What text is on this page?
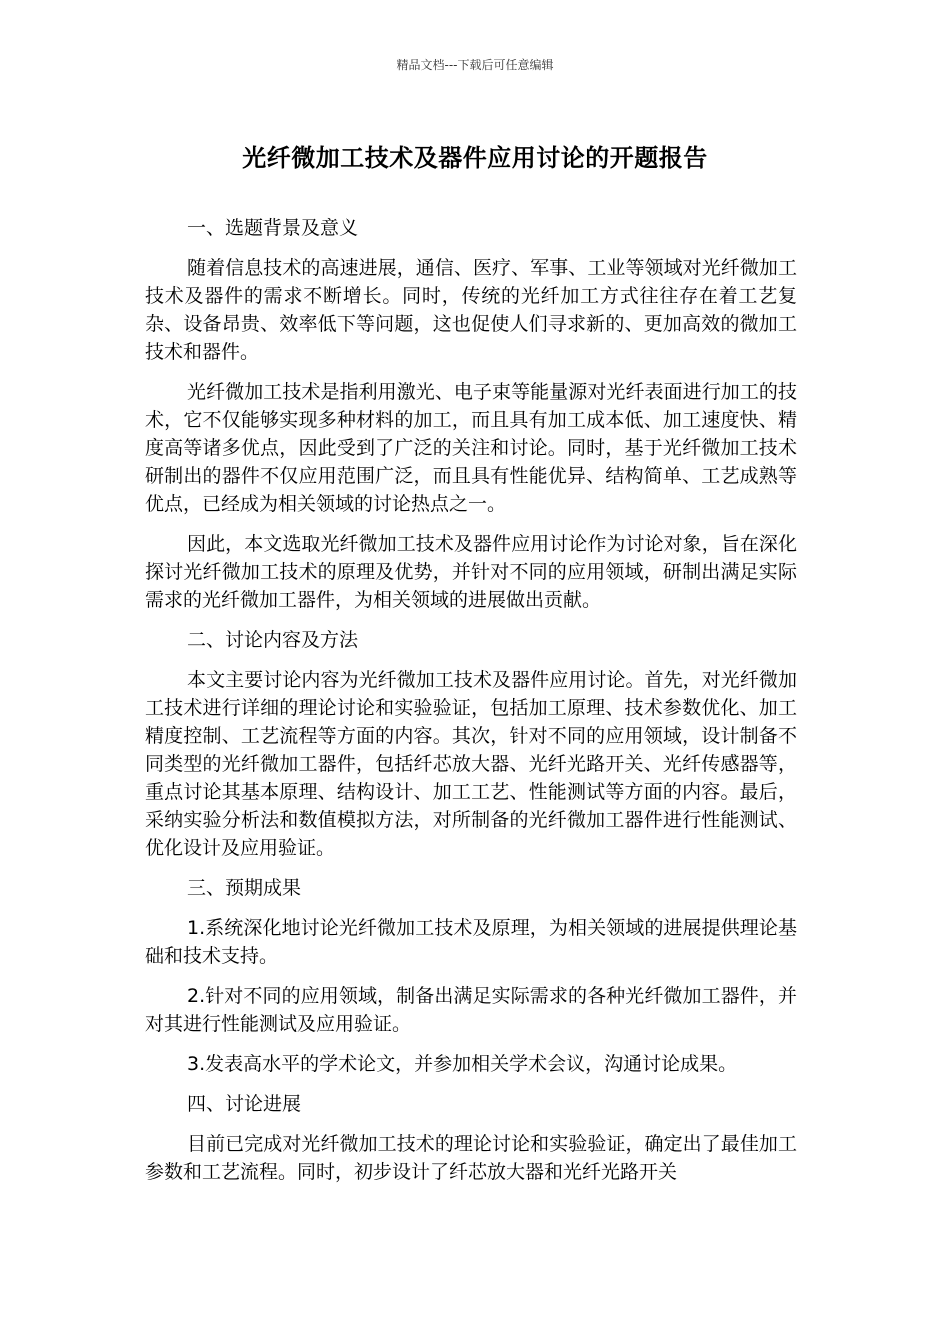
精品文档---下载后可任意编辑
光纤微加工技术及器件应用讨论的开题报告
一、选题背景及意义
随着信息技术的高速进展，通信、医疗、军事、工业等领域对光纤微加工技术及器件的需求不断增长。同时，传统的光纤加工方式往往存在着工艺复杂、设备昂贵、效率低下等问题，这也促使人们寻求新的、更加高效的微加工技术和器件。
光纤微加工技术是指利用激光、电子束等能量源对光纤表面进行加工的技术，它不仅能够实现多种材料的加工，而且具有加工成本低、加工速度快、精度高等诸多优点，因此受到了广泛的关注和讨论。同时，基于光纤微加工技术研制出的器件不仅应用范围广泛，而且具有性能优异、结构简单、工艺成熟等优点，已经成为相关领域的讨论热点之一。
因此，本文选取光纤微加工技术及器件应用讨论作为讨论对象，旨在深化探讨光纤微加工技术的原理及优势，并针对不同的应用领域，研制出满足实际需求的光纤微加工器件，为相关领域的进展做出贡献。
二、讨论内容及方法
本文主要讨论内容为光纤微加工技术及器件应用讨论。首先，对光纤微加工技术进行详细的理论讨论和实验验证，包括加工原理、技术参数优化、加工精度控制、工艺流程等方面的内容。其次，针对不同的应用领域，设计制备不同类型的光纤微加工器件，包括纤芯放大器、光纤光路开关、光纤传感器等，重点讨论其基本原理、结构设计、加工工艺、性能测试等方面的内容。最后，采纳实验分析法和数值模拟方法，对所制备的光纤微加工器件进行性能测试、优化设计及应用验证。
三、预期成果
1.系统深化地讨论光纤微加工技术及原理，为相关领域的进展提供理论基础和技术支持。
2.针对不同的应用领域，制备出满足实际需求的各种光纤微加工器件，并对其进行性能测试及应用验证。
3.发表高水平的学术论文，并参加相关学术会议，沟通讨论成果。
四、讨论进展
目前已完成对光纤微加工技术的理论讨论和实验验证，确定出了最佳加工参数和工艺流程。同时，初步设计了纤芯放大器和光纤光路开关
